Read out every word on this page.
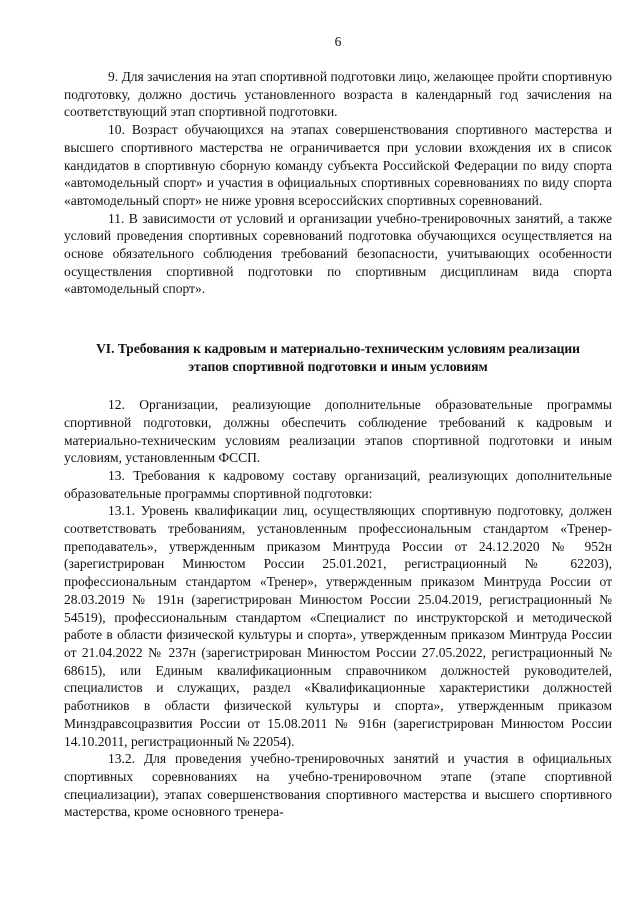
6

9. Для зачисления на этап спортивной подготовки лицо, желающее пройти спортивную подготовку, должно достичь установленного возраста в календарный год зачисления на соответствующий этап спортивной подготовки.

10. Возраст обучающихся на этапах совершенствования спортивного мастерства и высшего спортивного мастерства не ограничивается при условии вхождения их в список кандидатов в спортивную сборную команду субъекта Российской Федерации по виду спорта «автомодельный спорт» и участия в официальных спортивных соревнованиях по виду спорта «автомодельный спорт» не ниже уровня всероссийских спортивных соревнований.

11. В зависимости от условий и организации учебно-тренировочных занятий, а также условий проведения спортивных соревнований подготовка обучающихся осуществляется на основе обязательного соблюдения требований безопасности, учитывающих особенности осуществления спортивной подготовки по спортивным дисциплинам вида спорта «автомодельный спорт».

VI. Требования к кадровым и материально-техническим условиям реализации этапов спортивной подготовки и иным условиям

12. Организации, реализующие дополнительные образовательные программы спортивной подготовки, должны обеспечить соблюдение требований к кадровым и материально-техническим условиям реализации этапов спортивной подготовки и иным условиям, установленным ФССП.

13. Требования к кадровому составу организаций, реализующих дополнительные образовательные программы спортивной подготовки:

13.1. Уровень квалификации лиц, осуществляющих спортивную подготовку, должен соответствовать требованиям, установленным профессиональным стандартом «Тренер-преподаватель», утвержденным приказом Минтруда России от 24.12.2020 № 952н (зарегистрирован Минюстом России 25.01.2021, регистрационный № 62203), профессиональным стандартом «Тренер», утвержденным приказом Минтруда России от 28.03.2019 № 191н (зарегистрирован Минюстом России 25.04.2019, регистрационный № 54519), профессиональным стандартом «Специалист по инструкторской и методической работе в области физической культуры и спорта», утвержденным приказом Минтруда России от 21.04.2022 № 237н (зарегистрирован Минюстом России 27.05.2022, регистрационный № 68615), или Единым квалификационным справочником должностей руководителей, специалистов и служащих, раздел «Квалификационные характеристики должностей работников в области физической культуры и спорта», утвержденным приказом Минздравсоцразвития России от 15.08.2011 № 916н (зарегистрирован Минюстом России 14.10.2011, регистрационный № 22054).

13.2. Для проведения учебно-тренировочных занятий и участия в официальных спортивных соревнованиях на учебно-тренировочном этапе (этапе спортивной специализации), этапах совершенствования спортивного мастерства и высшего спортивного мастерства, кроме основного тренера-
